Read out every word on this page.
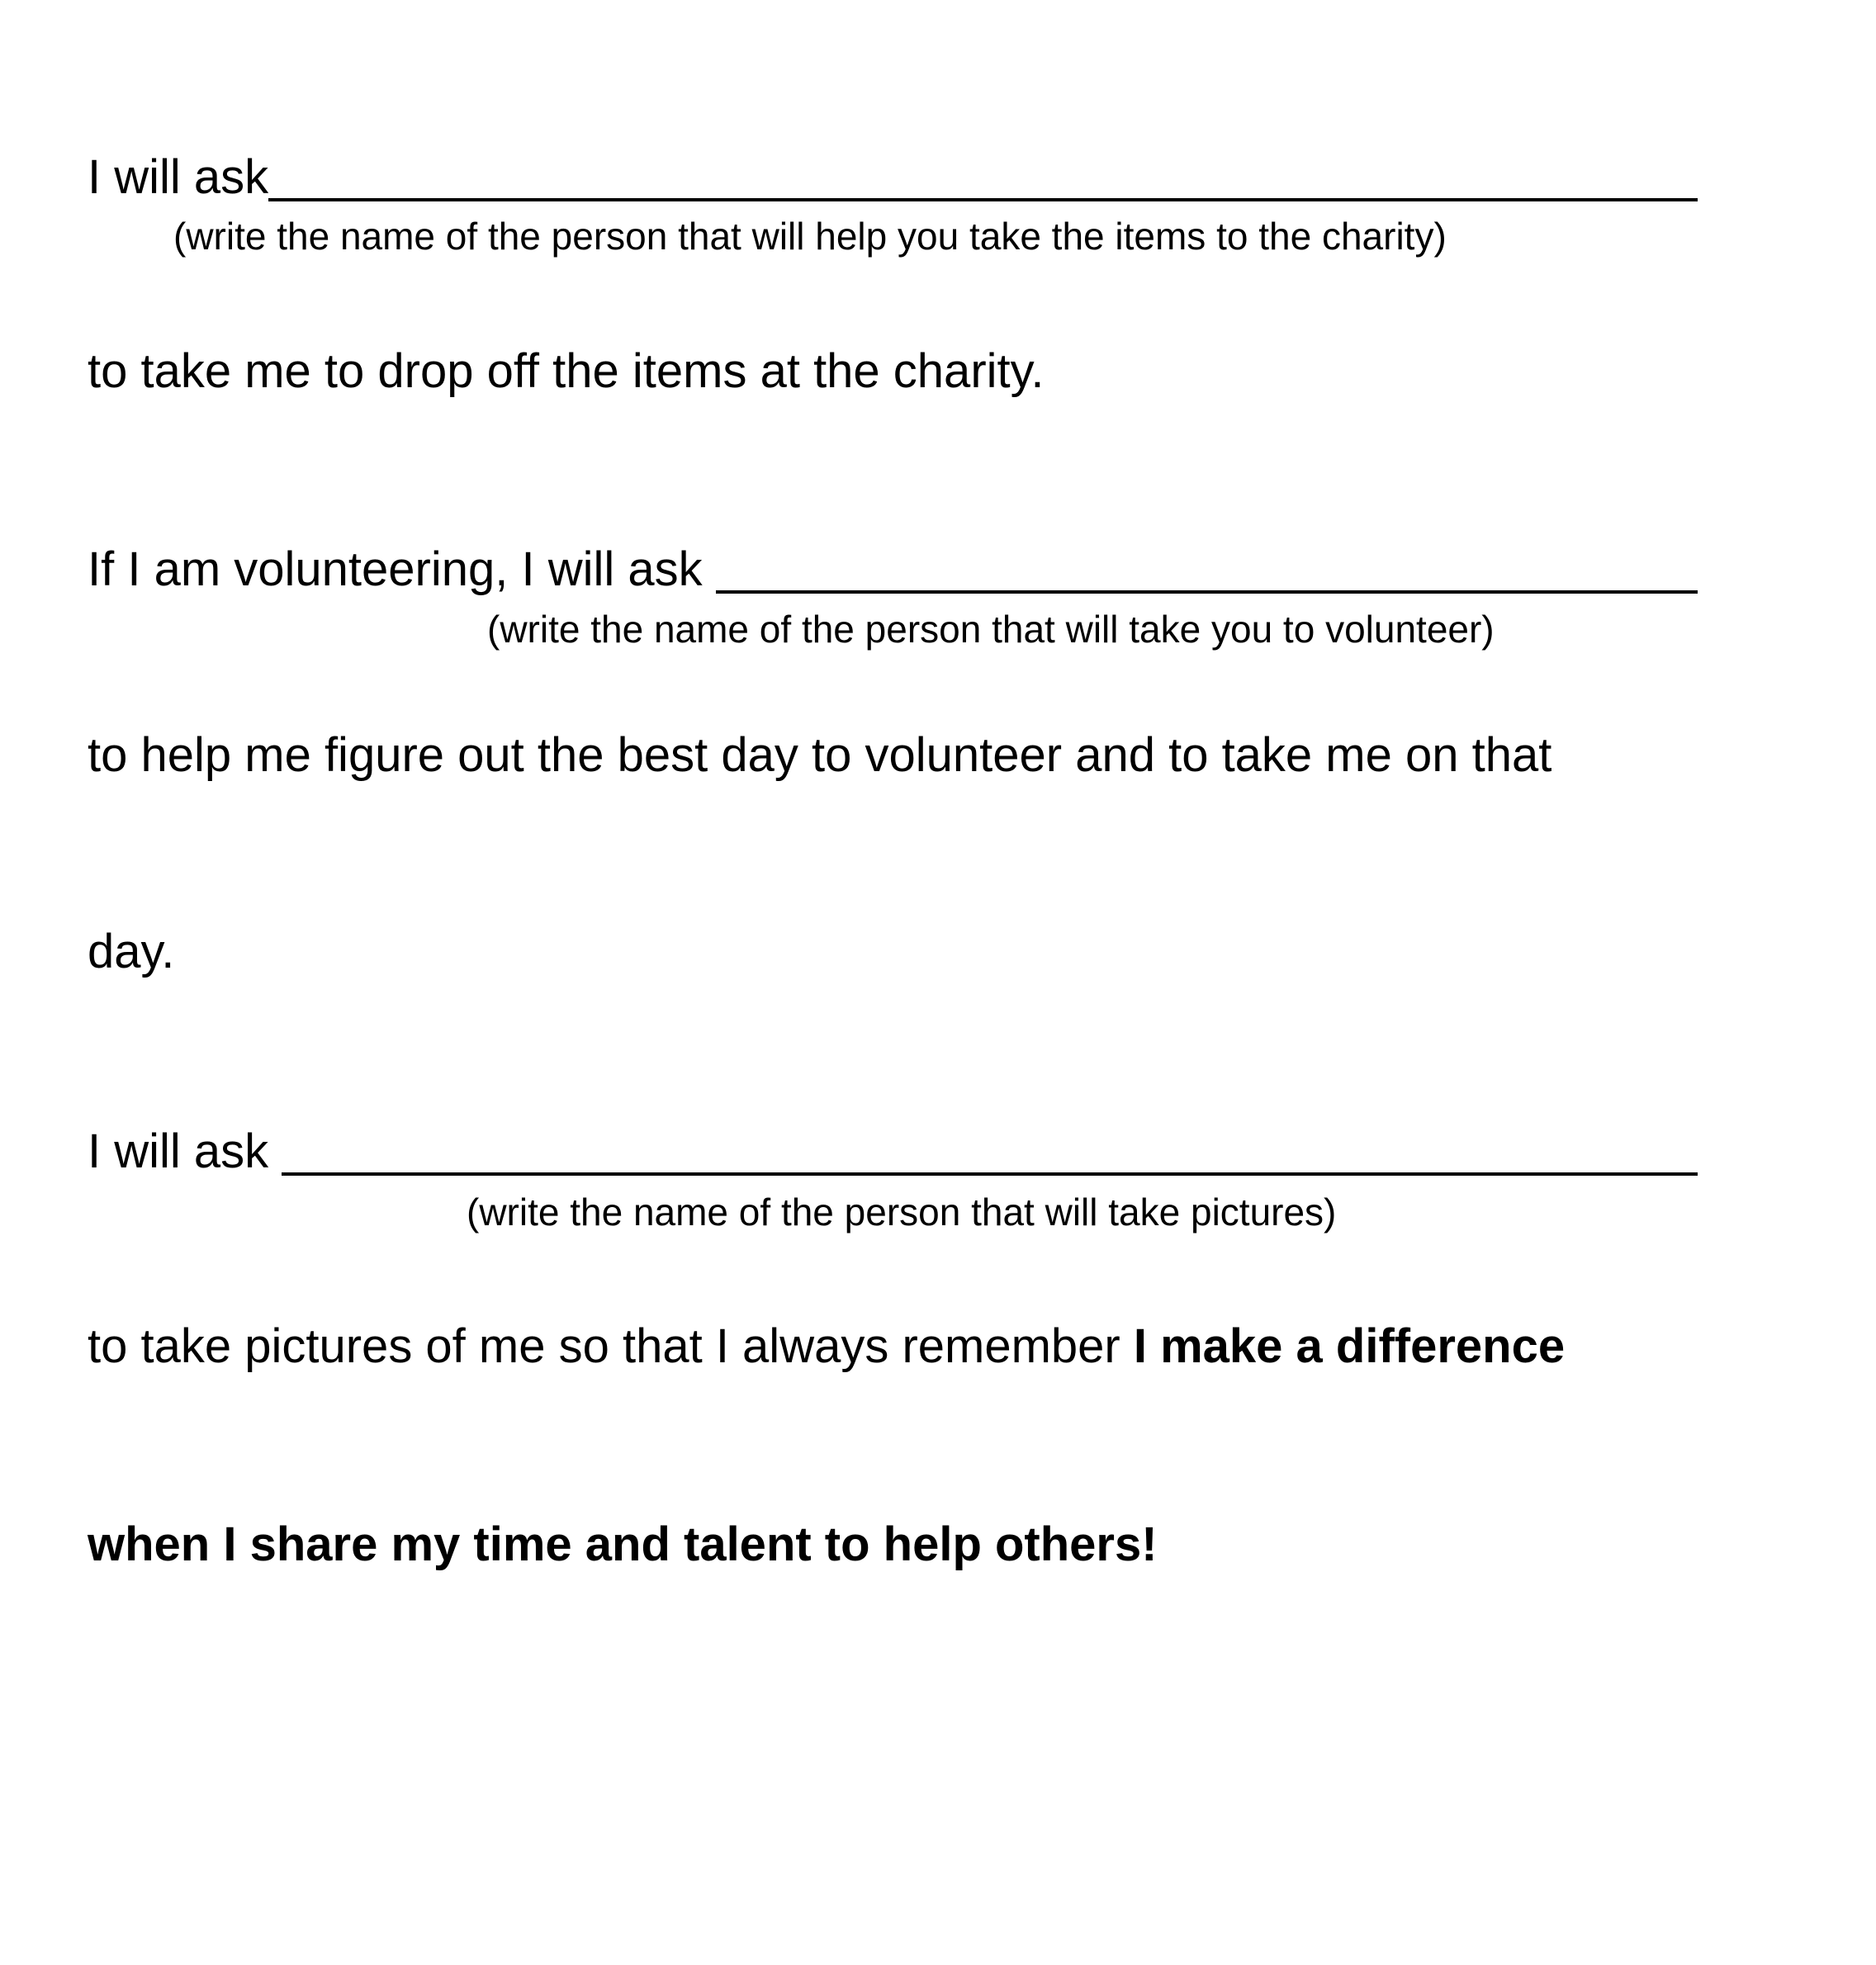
I will ask
(write the name of the person that will help you take the items to the charity)
to take me to drop off the items at the charity.
If I am volunteering, I will ask
(write the name of the person that will take you to volunteer)
to help me figure out the best day to volunteer and to take me on that
day.
I will ask
(write the name of the person that will take pictures)
to take pictures of me so that I always remember I make a difference
when I share my time and talent to help others!
